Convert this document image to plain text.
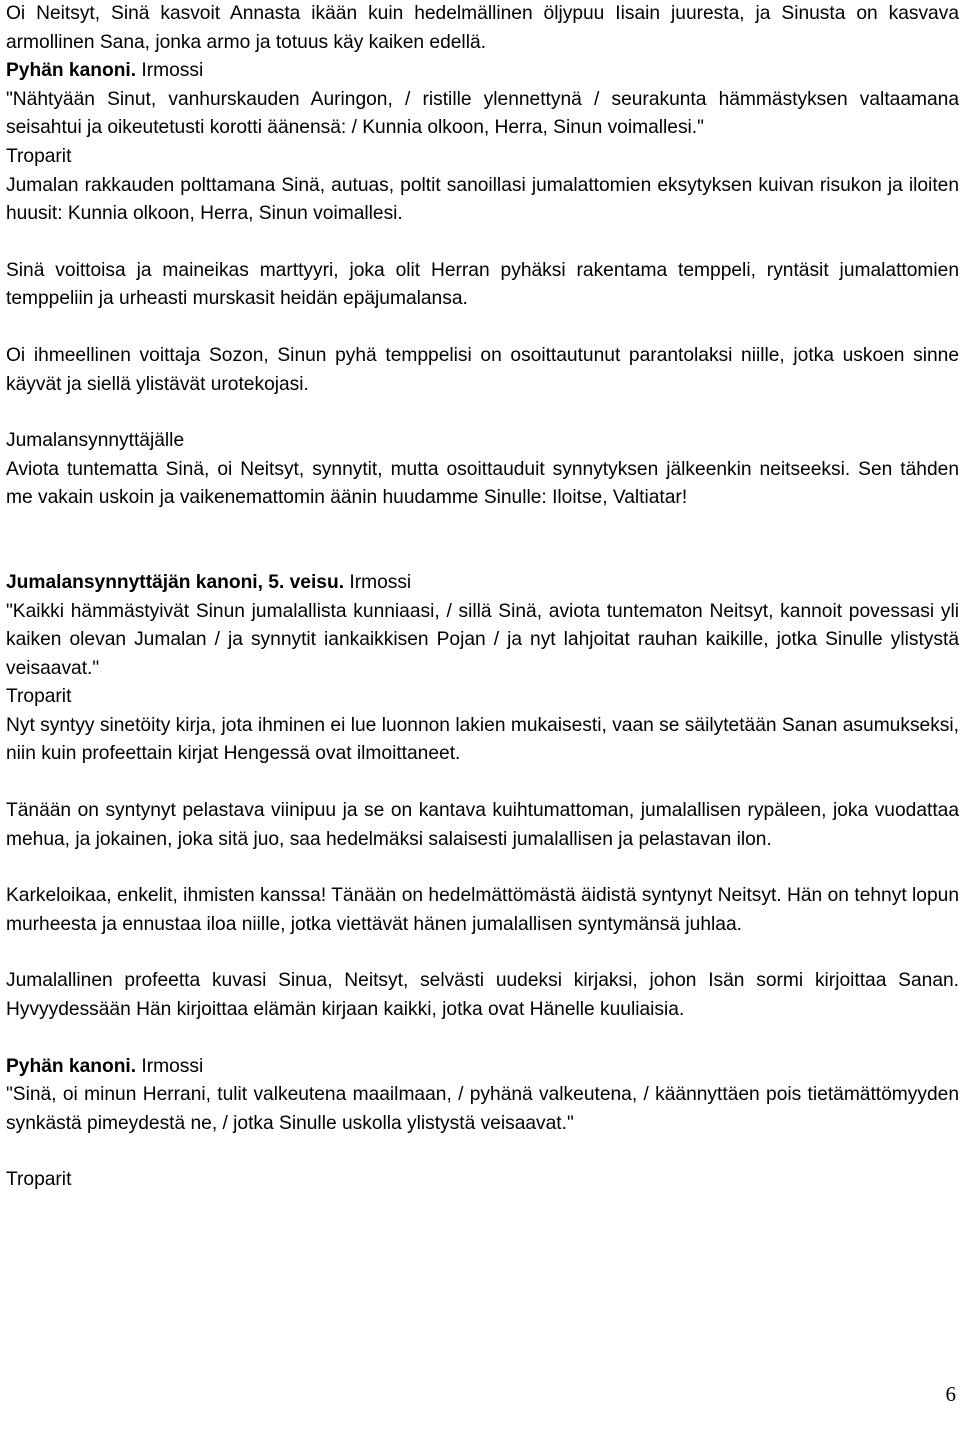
Oi Neitsyt, Sinä kasvoit Annasta ikään kuin hedelmällinen öljypuu Iisain juuresta, ja Sinusta on kasvava armollinen Sana, jonka armo ja totuus käy kaiken edellä.

Pyhän kanoni. Irmossi

"Nähtyään Sinut, vanhurskauden Auringon, / ristille ylennettynä / seurakunta hämmästyksen valtaamana seisahtui ja oikeutetusti korotti äänensä: / Kunnia olkoon, Herra, Sinun voimallesi."

Troparit

Jumalan rakkauden polttamana Sinä, autuas, poltit sanoillasi jumalattomien eksytyksen kuivan risukon ja iloiten huusit: Kunnia olkoon, Herra, Sinun voimallesi.

Sinä voittoisa ja maineikas marttyyri, joka olit Herran pyhäksi rakentama temppeli, ryntäsit jumalattomien temppeliin ja urheasti murskasit heidän epäjumalansa.

Oi ihmeellinen voittaja Sozon, Sinun pyhä temppelisi on osoittautunut parantolaksi niille, jotka uskoen sinne käyvät ja siellä ylistävät urotekojasi.

Jumalansynnyttäjälle

Aviota tuntematta Sinä, oi Neitsyt, synnytit, mutta osoittauduit synnytyksen jälkeenkin neitseeksi. Sen tähden me vakain uskoin ja vaikenemattomin äänin huudamme Sinulle: Iloitse, Valtiatar!

Jumalansynnyttäjän kanoni, 5. veisu. Irmossi

"Kaikki hämmästyivät Sinun jumalallista kunniaasi, / sillä Sinä, aviota tuntematon Neitsyt, kannoit povessasi yli kaiken olevan Jumalan / ja synnytit iankaikkisen Pojan / ja nyt lahjoitat rauhan kaikille, jotka Sinulle ylistystä veisaavat."

Troparit

Nyt syntyy sinetöity kirja, jota ihminen ei lue luonnon lakien mukaisesti, vaan se säilytetään Sanan asumukseksi, niin kuin profeettain kirjat Hengessä ovat ilmoittaneet.

Tänään on syntynyt pelastava viinipuu ja se on kantava kuihtumattoman, jumalallisen rypäleen, joka vuodattaa mehua, ja jokainen, joka sitä juo, saa hedelmäksi salaisesti jumalallisen ja pelastavan ilon.

Karkeloikaa, enkelit, ihmisten kanssa! Tänään on hedelmättömästä äidistä syntynyt Neitsyt. Hän on tehnyt lopun murheesta ja ennustaa iloa niille, jotka viettävät hänen jumalallisen syntymänsä juhlaa.

Jumalallinen profeetta kuvasi Sinua, Neitsyt, selvästi uudeksi kirjaksi, johon Isän sormi kirjoittaa Sanan. Hyvyydessään Hän kirjoittaa elämän kirjaan kaikki, jotka ovat Hänelle kuuliaisia.

Pyhän kanoni. Irmossi

"Sinä, oi minun Herrani, tulit valkeutena maailmaan, / pyhänä valkeutena, / käännyttäen pois tietämättömyyden synkästä pimeydestä ne, / jotka Sinulle uskolla ylistystä veisaavat."

Troparit

6
